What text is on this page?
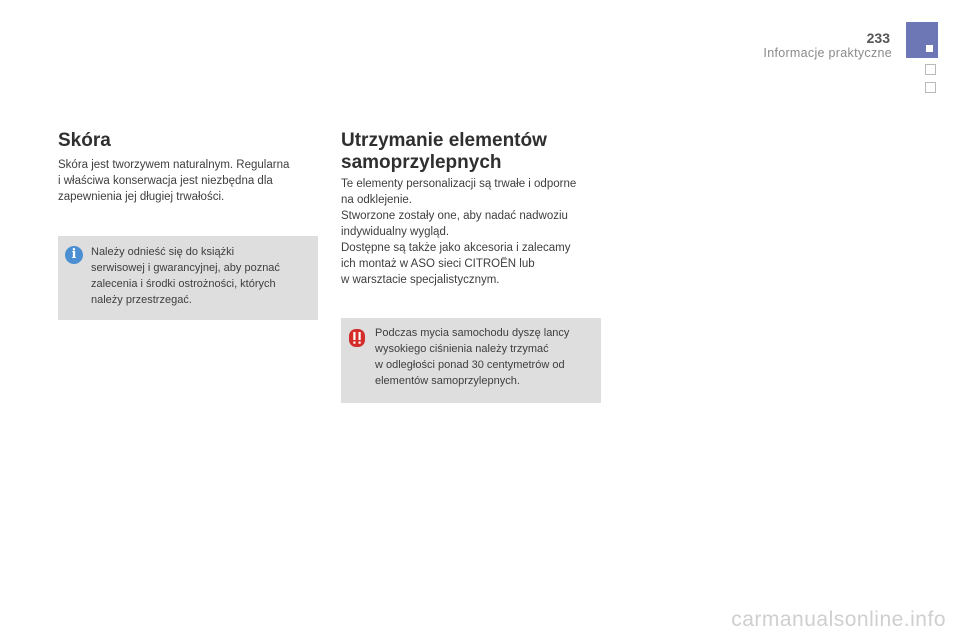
233
Informacje praktyczne
Skóra

Skóra jest tworzywem naturalnym. Regularna
i właściwa konserwacja jest niezbędna dla
zapewnienia jej długiej trwałości.

i	Należy odnieść się do książki
serwisowej i gwarancyjnej, aby poznać
zalecenia i środki ostrożności, których
należy przestrzegać.

Utrzymanie elementów
samoprzylepnych

Te elementy personalizacji są trwałe i odporne
na odklejenie.
Stworzone zostały one, aby nadać nadwoziu
indywidualny wygląd.
Dostępne są także jako akcesoria i zalecamy
ich montaż w ASO sieci CITROËN lub
w warsztacie specjalistycznym.

Podczas mycia samochodu dyszę lancy
wysokiego ciśnienia należy trzymać
w odległości ponad 30 centymetrów od
elementów samoprzylepnych.

carmanualsonline.info
